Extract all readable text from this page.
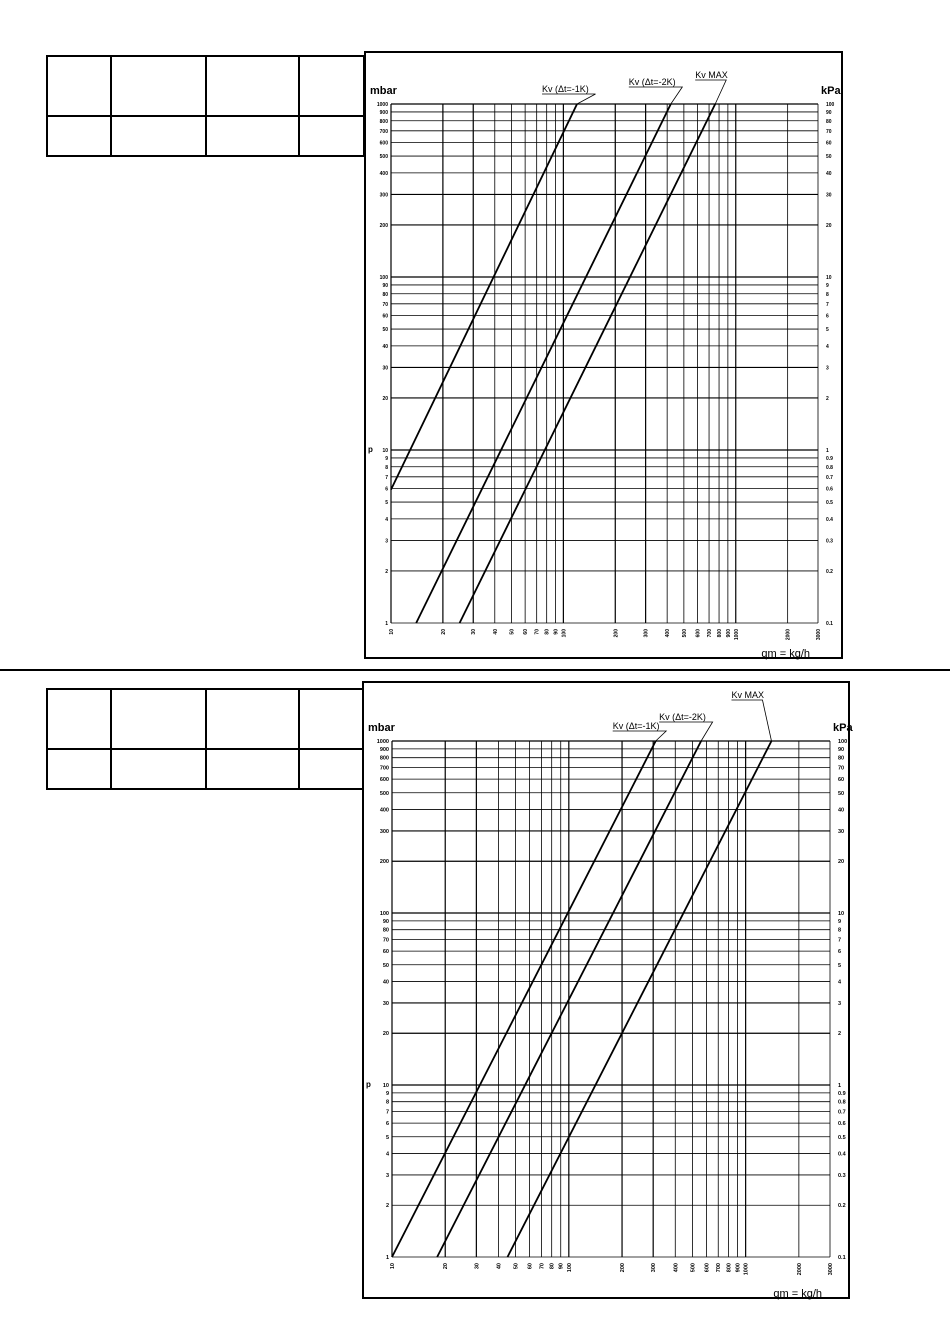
10	20	30	40 50 60 70 80 90 100	200	300	400 500 600 700 800 900 1000	2000	3000
1	0.1
2	0.2
3	0.3
4	0.4
5	0.5
6	0.6
7	0.7
8	0.8
9	0.9
10	1
20	2
30	3
40	4
50	5
60	6
70	7
80	8
90	9
100	10
200	20
300	30
400	40
500	50
600	60
700	70
800	80
900	90
1000	100
mbar	kPa
p
qm = kg/h
Kv (Δt=-1K)
Kv (Δt=-2K)
Kv MAX
10	20	30	40 50 60 70 80 90 100	200	300	400 500 600 700 800 900 1000	2000	3000
1	0.1
2	0.2
3	0.3
4	0.4
5	0.5
6	0.6
7	0.7
8	0.8
9	0.9
10	1
20	2
30	3
40	4
50	5
60	6
70	7
80	8
90	9
100	10
200	20
300	30
400	40
500	50
600	60
700	70
800	80
900	90
1000	100
mbar	kPa
p
qm = kg/h
Kv (Δt=-1K)
Kv (Δt=-2K)
Kv MAX
